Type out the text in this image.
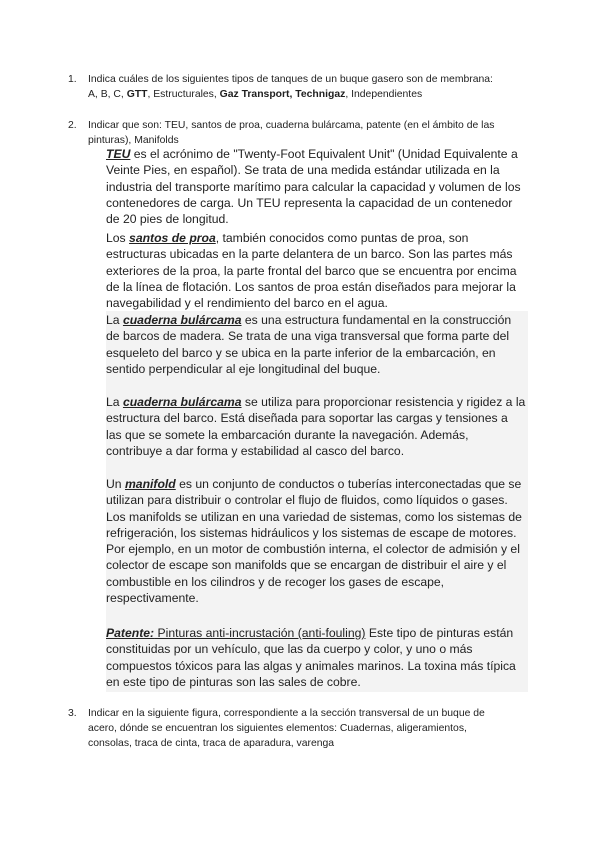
1. Indica cuáles de los siguientes tipos de tanques de un buque gasero son de membrana:
A, B, C, GTT, Estructurales, Gaz Transport, Technigaz, Independientes
2. Indicar que son: TEU, santos de proa, cuaderna bulárcama, patente (en el ámbito de las pinturas), Manifolds
TEU es el acrónimo de "Twenty-Foot Equivalent Unit" (Unidad Equivalente a Veinte Pies, en español). Se trata de una medida estándar utilizada en la industria del transporte marítimo para calcular la capacidad y volumen de los contenedores de carga. Un TEU representa la capacidad de un contenedor de 20 pies de longitud.
Los santos de proa, también conocidos como puntas de proa, son estructuras ubicadas en la parte delantera de un barco. Son las partes más exteriores de la proa, la parte frontal del barco que se encuentra por encima de la línea de flotación. Los santos de proa están diseñados para mejorar la navegabilidad y el rendimiento del barco en el agua.
La cuaderna bulárcama es una estructura fundamental en la construcción de barcos de madera. Se trata de una viga transversal que forma parte del esqueleto del barco y se ubica en la parte inferior de la embarcación, en sentido perpendicular al eje longitudinal del buque.
La cuaderna bulárcama se utiliza para proporcionar resistencia y rigidez a la estructura del barco. Está diseñada para soportar las cargas y tensiones a las que se somete la embarcación durante la navegación. Además, contribuye a dar forma y estabilidad al casco del barco.
Un manifold es un conjunto de conductos o tuberías interconectadas que se utilizan para distribuir o controlar el flujo de fluidos, como líquidos o gases. Los manifolds se utilizan en una variedad de sistemas, como los sistemas de refrigeración, los sistemas hidráulicos y los sistemas de escape de motores. Por ejemplo, en un motor de combustión interna, el colector de admisión y el colector de escape son manifolds que se encargan de distribuir el aire y el combustible en los cilindros y de recoger los gases de escape, respectivamente.
Patente: Pinturas anti-incrustación (anti-fouling) Este tipo de pinturas están constituidas por un vehículo, que las da cuerpo y color, y uno o más compuestos tóxicos para las algas y animales marinos. La toxina más típica en este tipo de pinturas son las sales de cobre.
3. Indicar en la siguiente figura, correspondiente a la sección transversal de un buque de acero, dónde se encuentran los siguientes elementos: Cuadernas, aligeramientos, consolas, traca de cinta, traca de aparadura, varenga
